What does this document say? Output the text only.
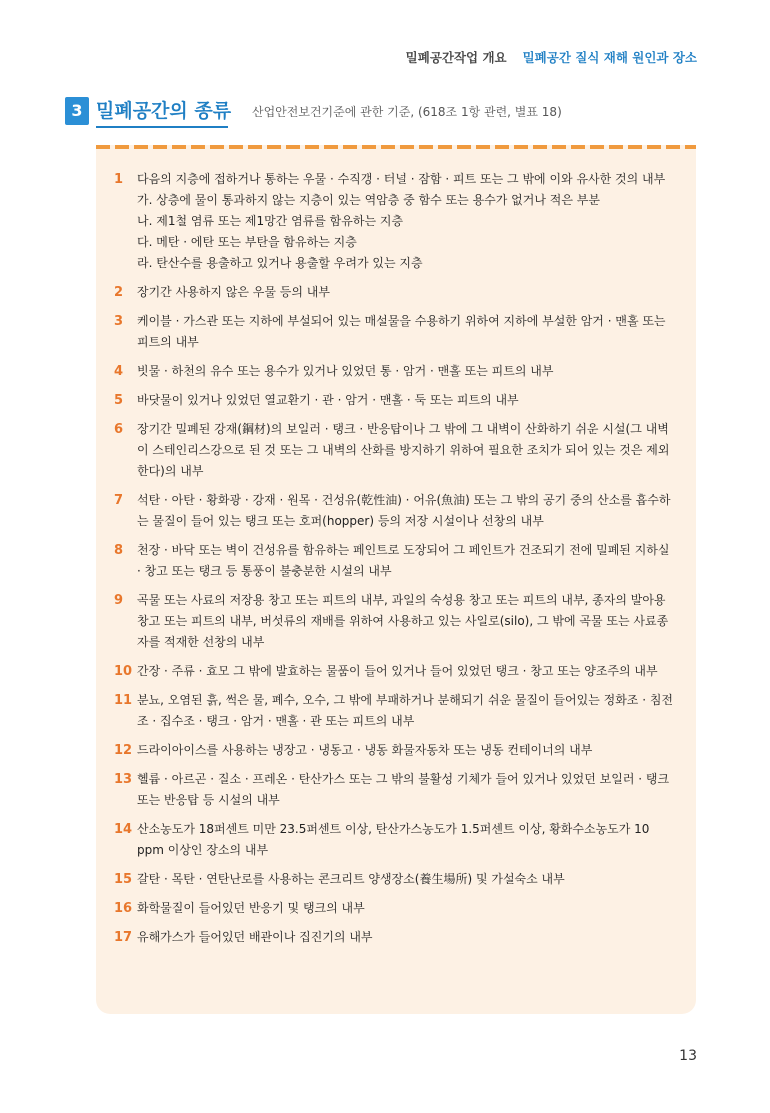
밀폐공간작업 개요 밀폐공간 질식 재해 원인과 장소
3 밀폐공간의 종류 산업안전보건기준에 관한 기준, (618조 1항 관련, 별표 18)
1	다음의 지층에 접하거나 통하는 우물 · 수직갱 · 터널 · 잠함 · 피트 또는 그 밖에 이와 유사한 것의 내부
가. 상층에 물이 통과하지 않는 지층이 있는 역암층 중 함수 또는 용수가 없거나 적은 부분
나. 제1철 염류 또는 제1망간 염류를 함유하는 지층
다. 메탄 · 에탄 또는 부탄을 함유하는 지층
라. 탄산수를 용출하고 있거나 용출할 우려가 있는 지층
2	장기간 사용하지 않은 우물 등의 내부
3	케이블 · 가스관 또는 지하에 부설되어 있는 매설물을 수용하기 위하여 지하에 부설한 암거 · 맨홀 또는 피트의 내부
4	빗물 · 하천의 유수 또는 용수가 있거나 있었던 통 · 암거 · 맨홀 또는 피트의 내부
5	바닷물이 있거나 있었던 열교환기 · 관 · 암거 · 맨홀 · 둑 또는 피트의 내부
6	장기간 밀폐된 강재(鋼材)의 보일러 · 탱크 · 반응탑이나 그 밖에 그 내벽이 산화하기 쉬운 시설(그 내벽이 스테인리스강으로 된 것 또는 그 내벽의 산화를 방지하기 위하여 필요한 조치가 되어 있는 것은 제외한다)의 내부
7	석탄 · 아탄 · 황화광 · 강재 · 원목 · 건성유(乾性油) · 어유(魚油) 또는 그 밖의 공기 중의 산소를 흡수하는 물질이 들어 있는 탱크 또는 호퍼(hopper) 등의 저장 시설이나 선창의 내부
8	천장 · 바닥 또는 벽이 건성유를 함유하는 페인트로 도장되어 그 페인트가 건조되기 전에 밀폐된 지하실 · 창고 또는 탱크 등 통풍이 불충분한 시설의 내부
9	곡물 또는 사료의 저장용 창고 또는 피트의 내부, 과일의 숙성용 창고 또는 피트의 내부, 종자의 발아용 창고 또는 피트의 내부, 버섯류의 재배를 위하여 사용하고 있는 사일로(silo), 그 밖에 곡물 또는 사료종자를 적재한 선창의 내부
10 간장 · 주류 · 효모 그 밖에 발효하는 물품이 들어 있거나 들어 있었던 탱크 · 창고 또는 양조주의 내부
11 분뇨, 오염된 흙, 썩은 물, 폐수, 오수, 그 밖에 부패하거나 분해되기 쉬운 물질이 들어있는 정화조 · 침전조 · 집수조 · 탱크 · 암거 · 맨홀 · 관 또는 피트의 내부
12 드라이아이스를 사용하는 냉장고 · 냉동고 · 냉동 화물자동차 또는 냉동 컨테이너의 내부
13 헬륨 · 아르곤 · 질소 · 프레온 · 탄산가스 또는 그 밖의 불활성 기체가 들어 있거나 있었던 보일러 · 탱크 또는 반응탑 등 시설의 내부
14 산소농도가 18퍼센트 미만 23.5퍼센트 이상, 탄산가스농도가 1.5퍼센트 이상, 황화수소농도가 10 ppm 이상인 장소의 내부
15 갈탄 · 목탄 · 연탄난로를 사용하는 콘크리트 양생장소(養生場所) 및 가설숙소 내부
16 화학물질이 들어있던 반응기 및 탱크의 내부
17 유해가스가 들어있던 배관이나 집진기의 내부
13
